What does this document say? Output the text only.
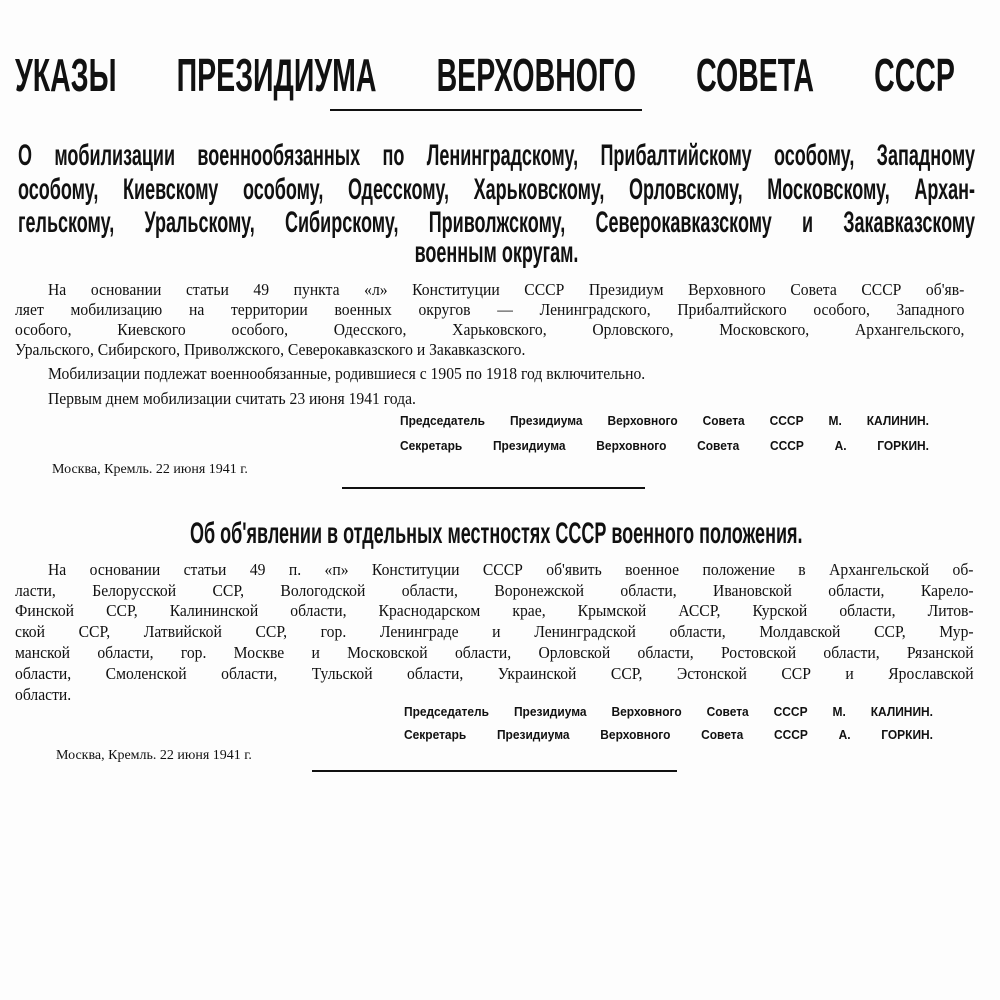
УКАЗЫ ПРЕЗИДИУМА ВЕРХОВНОГО СОВЕТА СССР
О мобилизации военнообязанных по Ленинградскому, Прибалтийскому особому, Западному
особому, Киевскому особому, Одесскому, Харьковскому, Орловскому, Московскому, Архан-
гельскому, Уральскому, Сибирскому, Приволжскому, Северокавказскому и Закавказскому
военным округам.
На основании статьи 49 пункта «л» Конституции СССР Президиум Верховного Совета СССР об'яв-
ляет мобилизацию на территории военных округов — Ленинградского, Прибалтийского особого, Западного
особого, Киевского особого, Одесского, Харьковского, Орловского, Московского, Архангельского,
Уральского, Сибирского, Приволжского, Северокавказского и Закавказского.
Мобилизации подлежат военнообязанные, родившиеся с 1905 по 1918 год включительно.
Первым днем мобилизации считать 23 июня 1941 года.
Председатель Президиума Верховного Совета СССР М. КАЛИНИН.
Секретарь Президиума Верховного Совета СССР А. ГОРКИН.
Москва, Кремль. 22 июня 1941 г.
Об об'явлении в отдельных местностях СССР военного положения.
На основании статьи 49 п. «п» Конституции СССР об'явить военное положение в Архангельской об-
ласти, Белорусской ССР, Вологодской области, Воронежской области, Ивановской области, Карело-
Финской ССР, Калининской области, Краснодарском крае, Крымской АССР, Курской области, Литов-
ской ССР, Латвийской ССР, гор. Ленинграде и Ленинградской области, Молдавской ССР, Мур-
манской области, гор. Москве и Московской области, Орловской области, Ростовской области, Рязанской
области, Смоленской области, Тульской области, Украинской ССР, Эстонской ССР и Ярославской
области.
Председатель Президиума Верховного Совета СССР М. КАЛИНИН.
Секретарь Президиума Верховного Совета СССР А. ГОРКИН.
Москва, Кремль. 22 июня 1941 г.
